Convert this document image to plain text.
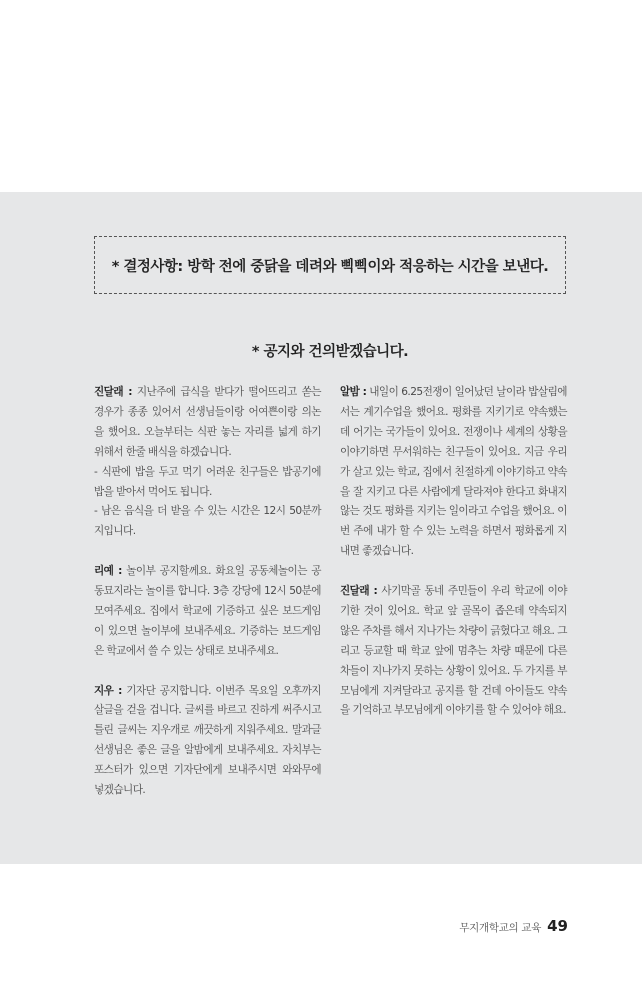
* 결정사항: 방학 전에 중닭을 데려와 삑삑이와 적응하는 시간을 보낸다.
* 공지와 건의받겠습니다.

진달래 : 지난주에 급식을 받다가 떨어뜨리고 쏟는 경우가 종종 있어서 선생님들이랑 어여쁜이랑 의논을 했어요. 오늘부터는 식판 놓는 자리를 넓게 하기 위해서 한줄 배식을 하겠습니다.

- 식판에 밥을 두고 먹기 어려운 친구들은 밥공기에 밥을 받아서 먹어도 됩니다.

- 남은 음식을 더 받을 수 있는 시간은 12시 50분까지입니다.

리예 : 놀이부 공지할께요. 화요일 공동체놀이는 공동묘지라는 놀이를 합니다. 3층 강당에 12시 50분에 모여주세요. 집에서 학교에 기증하고 싶은 보드게임이 있으면 놀이부에 보내주세요. 기증하는 보드게임은 학교에서 쓸 수 있는 상태로 보내주세요.

지우 : 기자단 공지합니다. 이번주 목요일 오후까지 살글을 걷을 겁니다. 글씨를 바르고 진하게 써주시고 틀린 글씨는 지우개로 깨끗하게 지워주세요. 말과글 선생님은 좋은 글을 알밤에게 보내주세요. 자치부는 포스터가 있으면 기자단에게 보내주시면 와와무에 넣겠습니다.

알밤 : 내일이 6.25전쟁이 일어났던 날이라 밥살림에서는 계기수업을 했어요. 평화를 지키기로 약속했는데 어기는 국가들이 있어요. 전쟁이나 세계의 상황을 이야기하면 무서워하는 친구들이 있어요. 지금 우리가 살고 있는 학교, 집에서 친절하게 이야기하고 약속을 잘 지키고 다른 사람에게 달라져야 한다고 화내지 않는 것도 평화를 지키는 일이라고 수업을 했어요. 이번 주에 내가 할 수 있는 노력을 하면서 평화롭게 지내면 좋겠습니다.

진달래 : 사기막골 동네 주민들이 우리 학교에 이야기한 것이 있어요. 학교 앞 골목이 좁은데 약속되지 않은 주차를 해서 지나가는 차량이 긁혔다고 해요. 그리고 등교할 때 학교 앞에 멈추는 차량 때문에 다른 차들이 지나가지 못하는 상황이 있어요. 두 가지를 부모님에게 지켜달라고 공지를 할 건데 아이들도 약속을 기억하고 부모님에게 이야기를 할 수 있어야 해요.

무지개학교의 교육 49
